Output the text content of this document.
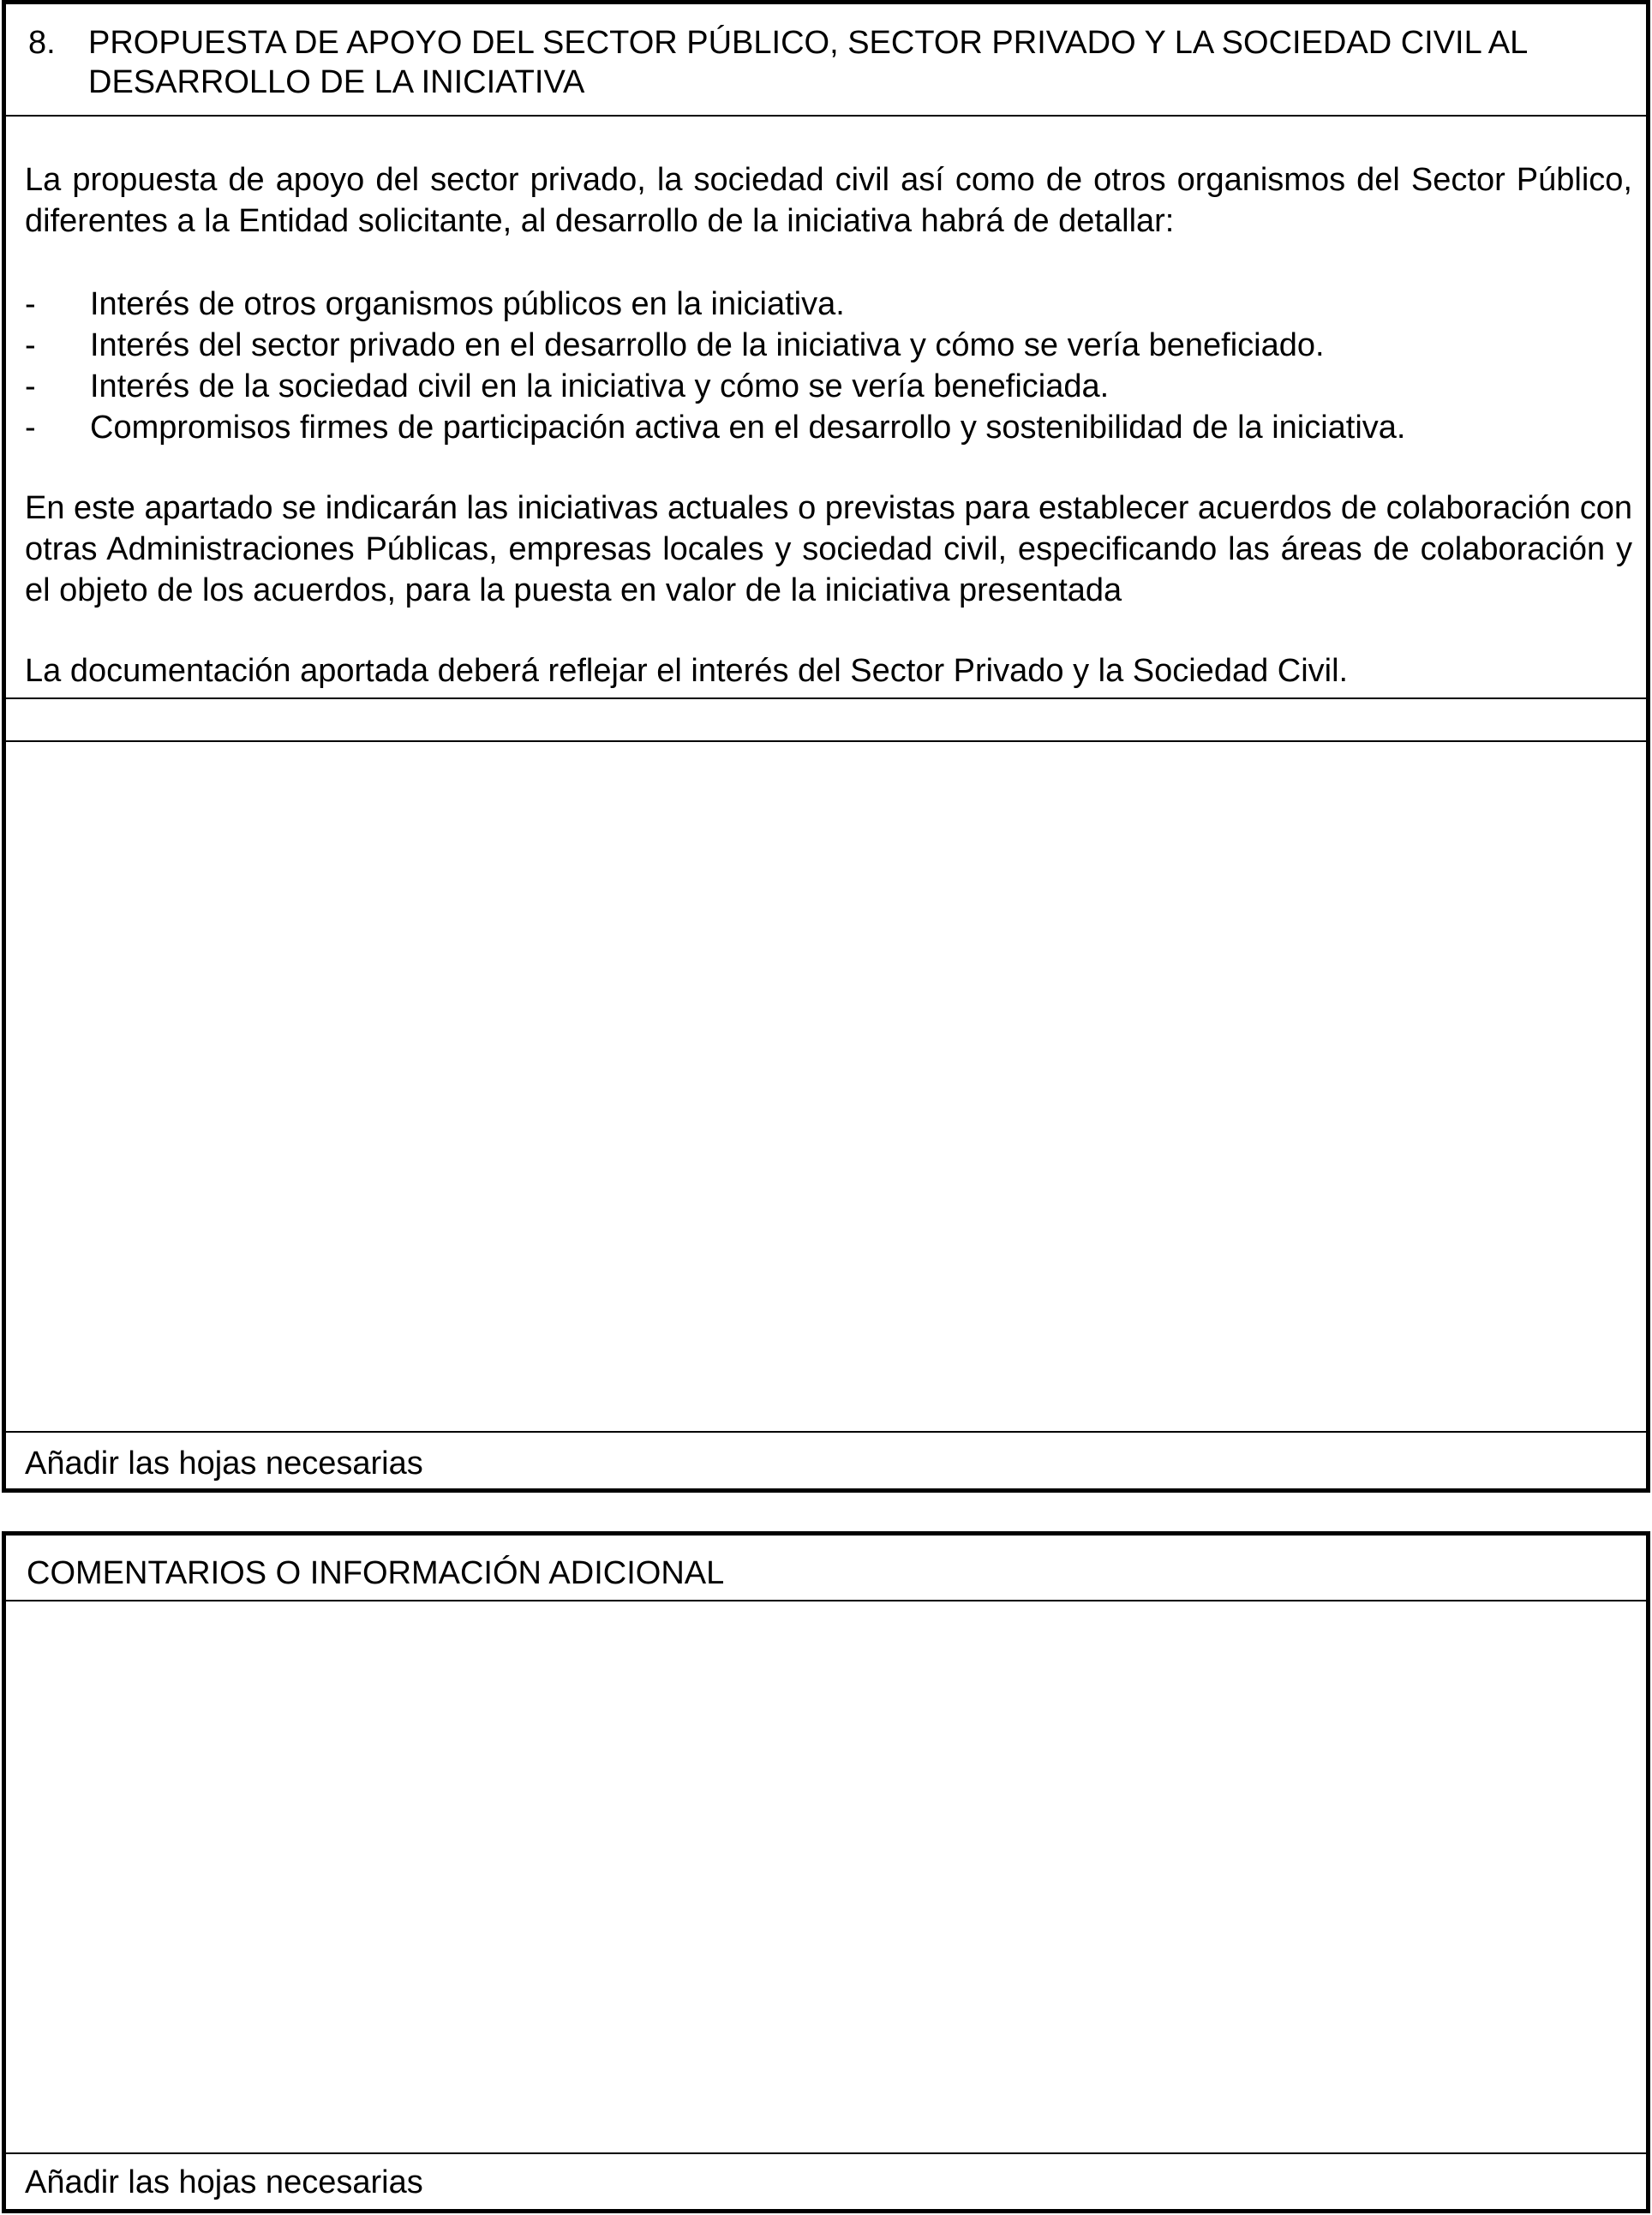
8. PROPUESTA DE APOYO DEL SECTOR PÚBLICO, SECTOR PRIVADO Y LA SOCIEDAD CIVIL AL DESARROLLO DE LA INICIATIVA
La propuesta de apoyo del sector privado, la sociedad civil así como de otros organismos del Sector Público, diferentes a la Entidad solicitante, al desarrollo de la iniciativa habrá de detallar:
- Interés de otros organismos públicos en la iniciativa.
- Interés del sector privado en el desarrollo de la iniciativa y cómo se vería beneficiado.
- Interés de la sociedad civil en la iniciativa y cómo se vería beneficiada.
- Compromisos firmes de participación activa en el desarrollo y sostenibilidad de la iniciativa.
En este apartado se indicarán las iniciativas actuales o previstas para establecer acuerdos de colaboración con otras Administraciones Públicas, empresas locales y sociedad civil, especificando las áreas de colaboración y el objeto de los acuerdos, para la puesta en valor de la iniciativa presentada
La documentación aportada deberá reflejar el interés del Sector Privado y la Sociedad Civil.
Añadir las hojas necesarias
COMENTARIOS O INFORMACIÓN ADICIONAL
Añadir las hojas necesarias
